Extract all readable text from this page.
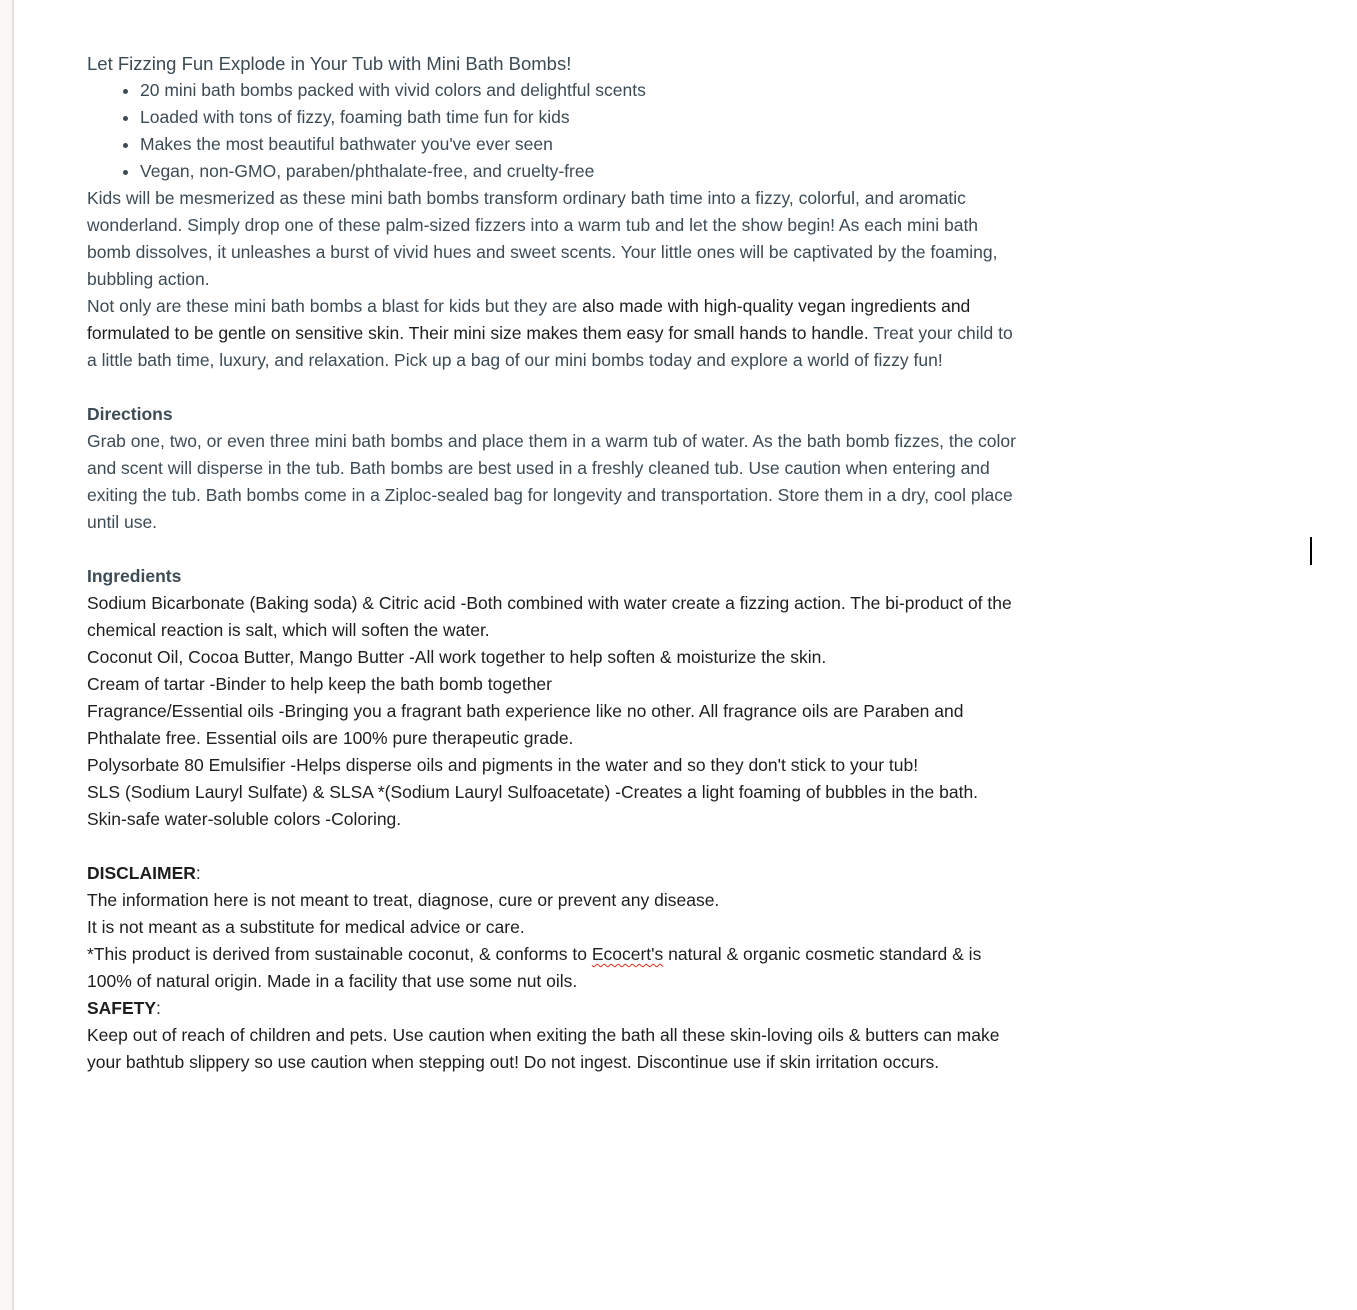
Let Fizzing Fun Explode in Your Tub with Mini Bath Bombs!

• 20 mini bath bombs packed with vivid colors and delightful scents
• Loaded with tons of fizzy, foaming bath time fun for kids
• Makes the most beautiful bathwater you've ever seen
• Vegan, non-GMO, paraben/phthalate-free, and cruelty-free

Kids will be mesmerized as these mini bath bombs transform ordinary bath time into a fizzy, colorful, and aromatic wonderland. Simply drop one of these palm-sized fizzers into a warm tub and let the show begin! As each mini bath bomb dissolves, it unleashes a burst of vivid hues and sweet scents. Your little ones will be captivated by the foaming, bubbling action.

Not only are these mini bath bombs a blast for kids but they are also made with high-quality vegan ingredients and formulated to be gentle on sensitive skin. Their mini size makes them easy for small hands to handle. Treat your child to a little bath time, luxury, and relaxation. Pick up a bag of our mini bombs today and explore a world of fizzy fun!

Directions

Grab one, two, or even three mini bath bombs and place them in a warm tub of water. As the bath bomb fizzes, the color and scent will disperse in the tub. Bath bombs are best used in a freshly cleaned tub. Use caution when entering and exiting the tub. Bath bombs come in a Ziploc-sealed bag for longevity and transportation. Store them in a dry, cool place until use.

Ingredients

Sodium Bicarbonate (Baking soda) & Citric acid -Both combined with water create a fizzing action. The bi-product of the chemical reaction is salt, which will soften the water.

Coconut Oil, Cocoa Butter, Mango Butter -All work together to help soften & moisturize the skin.

Cream of tartar -Binder to help keep the bath bomb together

Fragrance/Essential oils -Bringing you a fragrant bath experience like no other. All fragrance oils are Paraben and Phthalate free. Essential oils are 100% pure therapeutic grade.

Polysorbate 80 Emulsifier -Helps disperse oils and pigments in the water and so they don't stick to your tub!

SLS (Sodium Lauryl Sulfate) & SLSA *(Sodium Lauryl Sulfoacetate) -Creates a light foaming of bubbles in the bath.

Skin-safe water-soluble colors -Coloring.

DISCLAIMER:

The information here is not meant to treat, diagnose, cure or prevent any disease.

It is not meant as a substitute for medical advice or care.

*This product is derived from sustainable coconut, & conforms to Ecocert's natural & organic cosmetic standard & is 100% of natural origin. Made in a facility that use some nut oils.

SAFETY:

Keep out of reach of children and pets. Use caution when exiting the bath all these skin-loving oils & butters can make your bathtub slippery so use caution when stepping out! Do not ingest. Discontinue use if skin irritation occurs.
